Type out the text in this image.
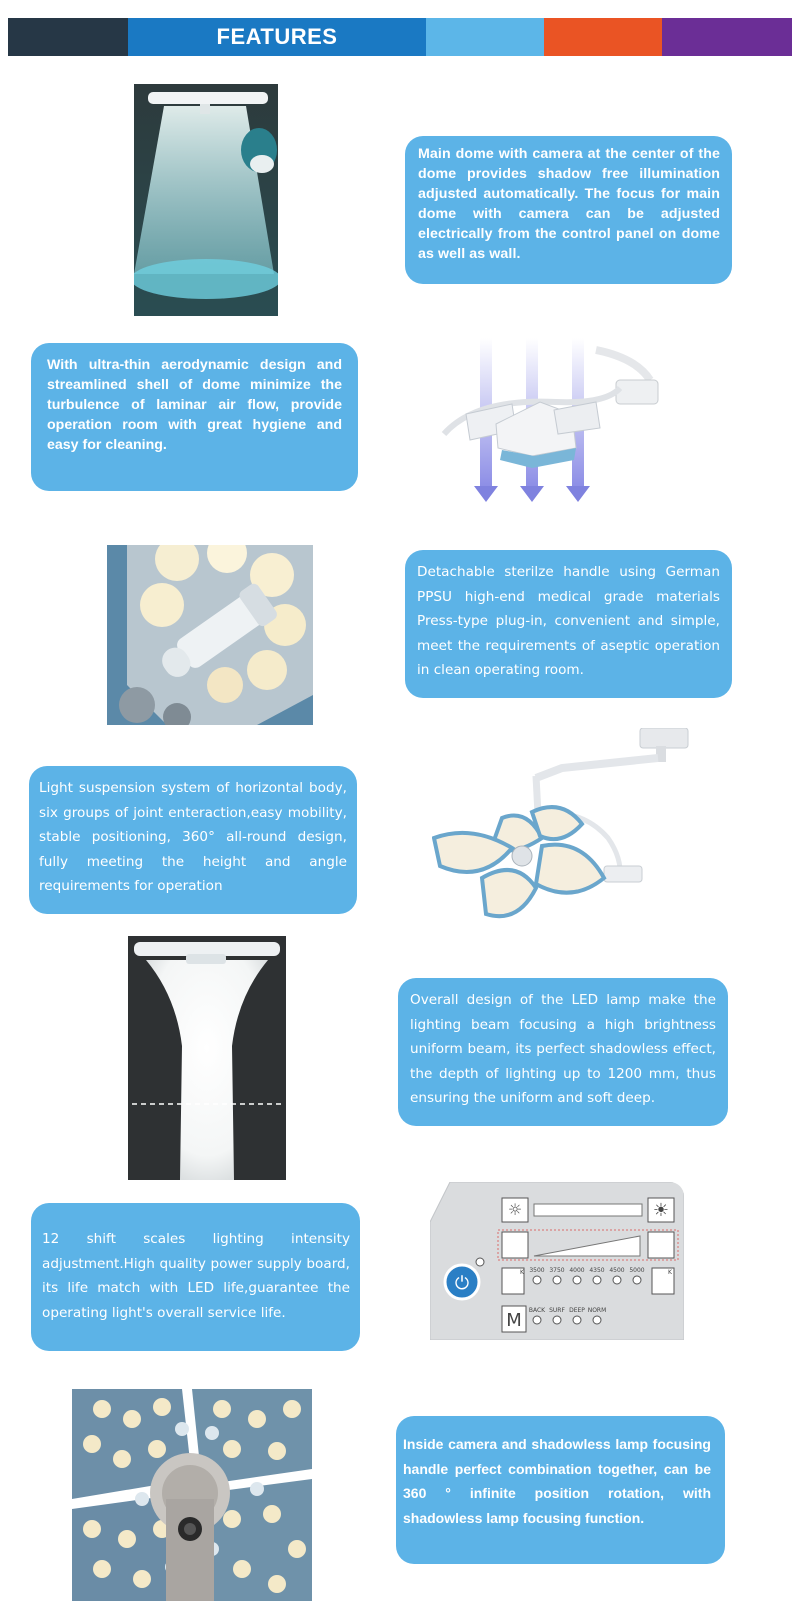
FEATURES
Main dome with camera at the center of the dome provides shadow free illumination adjusted automatically. The focus for main dome with camera can be adjusted electrically from the control panel on dome as well as wall.
With ultra-thin aerodynamic design and streamlined shell of dome minimize the turbulence of laminar air flow, provide operation room with great hygiene and easy for cleaning.
Detachable sterilze handle using German PPSU high-end medical grade materials Press-type plug-in, convenient and simple, meet the requirements of aseptic operation in clean operating room.
Light suspension system of horizontal body, six groups of joint enteraction,easy mobility, stable positioning, 360° all-round design, fully meeting the height and angle requirements for operation
Overall design of the LED lamp make the lighting beam focusing a high brightness uniform beam, its perfect shadowless effect, the depth of lighting up to 1200 mm, thus ensuring the uniform and soft deep.
12 shift scales lighting intensity adjustment.High quality power supply board, its life match with LED life,guarantee the operating light's overall service life.
☼	☀
3500 3750 4000 4350 4500 5000
K	K
⏻
M BACK SURF DEEP NORM
Inside camera and shadowless lamp focusing handle perfect combination together, can be 360 ° infinite position rotation, with shadowless lamp focusing function.
